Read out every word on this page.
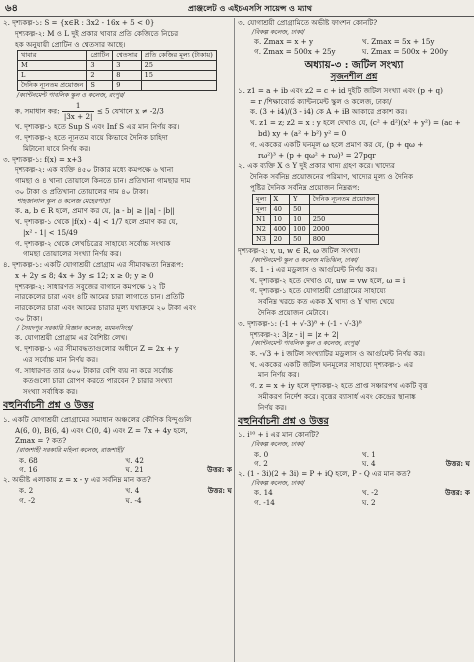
৬৪	প্রাঞ্জলেট ও এইচএসসি সায়েন্স ও ম্যাথ
২. দৃশ্যকল্প-১: S = {x∈R : 3x2 - 16x + 5 < 0}
দৃশ্যকল্প-২: M ও L দুই প্রকার খাবার প্রতি কেজিতে নিচের
হক অনুযায়ী প্রোটিন ও শ্বেতসার আছে।
খাবার	প্রোটিন	শ্বেতসার	প্রতি কেজির মূল্য (টাকায়)
M	3	3	25
L	2	8	15
দৈনিক ন্যূনতম প্রয়োজন	S	9	
/ক্যান্টনমেন্ট পাবলিক স্কুল ও কলেজ, রংপুর/
ক. সমাধান কর: $\frac{1}{|3x + 2|} \le 5$ যেখানে x ≠ -2/3
খ. দৃশ্যকল্প-১ হতে Sup S এবং Inf S এর মান নির্ণয় কর।
গ. দৃশ্যকল্প-২ হতে ন্যূনতম ব্যয়ে কিভাবে দৈনিক চাহিদা
মিটানো যাবে নির্ণয় কর।
৩. দৃশ্যকল্প-১: f(x) = x+3
দৃশ্যকল্প-২: এক ব্যক্তি ৪৫০ টাকার মধ্যে কমপক্ষে ৬ খানা
গামছা ও ৪ খানা তোয়ালে কিনতে চান। প্রতিখানা গামছার দাম
৩০ টাকা ও প্রতিখানা তোয়ালের দাম ৪০ টাকা।
শাহজালাল স্কুল ও কলেজ মেহেরপাড়া
ক. a, b ∈ R হলে, প্রমাণ কর যে, |a - b| ≥ ||a| - |b||
খ. দৃশ্যকল্প-১ থেকে |f(x) - 4| < 1/7 হলে প্রমাণ কর যে,
|x² - 1| < 15/49
গ. দৃশ্যকল্প-২ থেকে লেখচিত্রের সাহায্যে সর্বোচ্চ সংখ্যক
গামছা তোয়ালের সংখ্যা নির্ণয় কর।
৪. দৃশ্যকল্প-১: একটি যোগাশ্রয়ী প্রোগ্রাম এর সীমাবদ্ধতা নিম্নরূপ:
x + 2y ≤ 8; 4x + 3y ≤ 12; x ≥ 0; y ≥ 0
দৃশ্যকল্প-২: সাধারণত সবুজের বাগানে কমপক্ষে ১২ টি
নারকেলের চারা এবং ৪টি আমের চারা লাগাতে চান। প্রতিটি
নারকেলের চারা এবং আমের চারার মূল্য যথাক্রমে ২০ টাকা এবং
৩০ টাকা।
/ সৈয়দপুর সরকারি বিজ্ঞান কলেজ, ময়মনসিংহ/
ক. যোগাশ্রয়ী প্রোগ্রাম এর বৈশিষ্ট্য লেখ।
খ. দৃশ্যকল্প-১ এর সীমাবদ্ধতাগুলোর অধীনে Z = 2x + y
এর সর্বোচ্চ মান নির্ণয় কর।
গ. সাধারণত তার ৬০০ টাকার বেশি ব্যয় না করে সর্বোচ্চ
কতগুলো চারা রোপণ করতে পারবেন ? চারার সংখ্যা
সংখ্যা সর্বাধিক কর।
বহুনির্বাচনী প্রশ্ন ও উত্তর
১. একটি যোগাশ্রয়ী প্রোগ্রামের সমাধান অঞ্চলের কৌণিক বিন্দুগুলি
A(6, 0), B(6, 4) এবং C(0, 4) এবং Z = 7x + 4y হলে,
Zmax = ? কত?
/রাজশাহী সরকারি মহিলা কলেজ, রাজশাহী/
ক. 68	খ. 42
গ. 16	ঘ. 21	উত্তর: ক
২. অভীষ্ট এলাকায় z = x - y এর সর্বনিম্ন মান কত?
ক. 2	খ. 4	উত্তর: ঘ
গ. -2	ঘ. -4
৩. যোগাশ্রয়ী প্রোগ্রামিতে অভীষ্ট ফাংশন কোনটি?
/বিকল্প কলেজ, ঢাকা/
ক. Zmax = x + y	খ. Zmax = 5x + 15y
গ. Zmax = 500x + 25y	ঘ. Zmax = 500x + 200y
অধ্যায়-৩ : জটিল সংখ্যা
সৃজনশীল প্রশ্ন
১. z1 = a + ib এবং z2 = c + id দুইটি জটিল সংখ্যা এবং (p + q)
= r ∕শিক্ষাবোর্ড ক্যান্টনমেন্ট স্কুল ও কলেজ, ঢাকা/
ক. (3 + i4)/(3 - i4) কে A + iB আকারে প্রকাশ কর।
খ. z1 = z; z2 = x : y হলে দেখাও যে, (c² + d²)(x² + y²) = (ac +
bd) xy + (a² + b²) y² = 0
গ. এককের একটি ঘনমূল ω হলে প্রমাণ কর যে, (p + qω +
rω²)³ + (p + qω² + rω)³ = 27pqr
২. এক ব্যক্তি X ও Y দুই প্রকার খাদ্য গ্রহণ করে। খাদ্যের
দৈনিক সর্বনিম্ন প্রয়োজনের পরিমাণ, খাদ্যের মূল্য ও দৈনিক
পুষ্টির দৈনিক সর্বনিম্ন প্রয়োজন নিম্নরূপ:
মূল্য	X	Y	দৈনিক ন্যূনতম প্রয়োজন
মূল্য	40	50	
N1	10	10	250
N2	400	100	2000
N3	20	50	800
দৃশ্যকল্প-২: v, u, w ∈ R, ω জটিল সংখ্যা।
/ক্যান্টনমেন্ট স্কুল ও কলেজ মতিঝিল, ঢাকা/
ক. 1 - i এর মডুলাস ও আর্গুমেন্ট নির্ণয় কর।
খ. দৃশ্যকল্প-২ হতে দেখাও যে, uw = vw হলে, ω = i
গ. দৃশ্যকল্প-১ হতে যোগাশ্রয়ী প্রোগ্রামের সাহায্যে
সর্বনিম্ন খরচে কত একক X খাদ্য ও Y খাদ্য খেয়ে
দৈনিক প্রয়োজন মেটাবে।
৩. দৃশ্যকল্প-১: (-1 + √-3)⁸ + (-1 - √-3)⁸
দৃশ্যকল্প-২: 3|z - i| = |z + 2|
/ক্যান্টনমেন্ট পাবলিক স্কুল ও কলেজ, রংপুর/
ক. -√3 + i জটিল সংখ্যাটির মডুলাস ও আর্গুমেন্ট নির্ণয় কর।
খ. এককের একটি জটিল ঘনমূলের সাহায্যে দৃশ্যকল্প-১ এর
মান নির্ণয় কর।
গ. z = x + iy হলে দৃশ্যকল্প-২ হতে প্রাপ্ত সঞ্চারপথ একটি বৃত্ত
সমীকরণ নির্দেশ করে। বৃত্তের ব্যাসার্ধ এবং কেন্দ্রের স্থানাঙ্ক
নির্ণয় কর।
বহুনির্বাচনী প্রশ্ন ও উত্তর
১. i¹⁰ + i এর মান কোনটি?
/বিকল্প কলেজ, ঢাকা/
ক. 0	খ. 1
গ. 2	ঘ. 4	উত্তর: ঘ
২. (1 - 3i)(2 + 3i) = P + iQ হলে, P - Q এর মান কত?
/বিকল্প কলেজ, ঢাকা/
ক. 14	খ. -2	উত্তর: ক
গ. -14	ঘ. 2
